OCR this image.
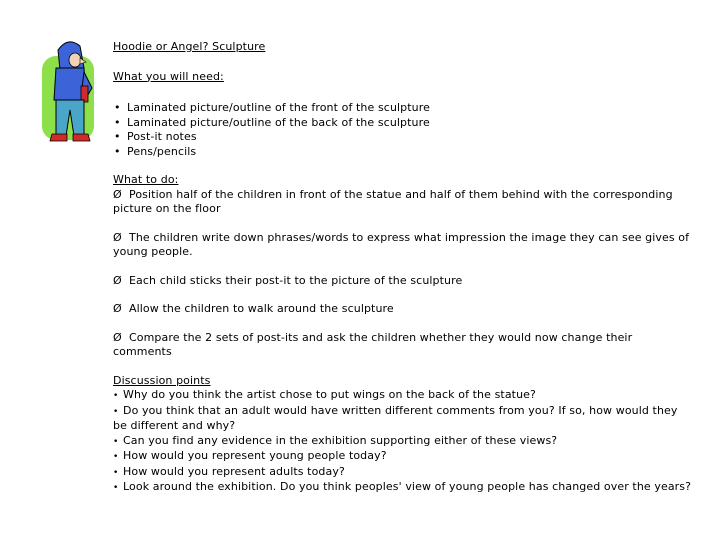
Hoodie or Angel? Sculpture
What you will need:
• Laminated picture/outline of the front of the sculpture
• Laminated picture/outline of the back of the sculpture
• Post-it notes
• Pens/pencils
What to do:
Ø Position half of the children in front of the statue and half of them behind with the corresponding picture on the floor
Ø The children write down phrases/words to express what impression the image they can see gives of young people.
Ø Each child sticks their post-it to the picture of the sculpture
Ø Allow the children to walk around the sculpture
Ø Compare the 2 sets of post-its and ask the children whether they would now change their comments
Discussion points
• Why do you think the artist chose to put wings on the back of the statue?
• Do you think that an adult would have written different comments from you? If so, how would they be different and why?
• Can you find any evidence in the exhibition supporting either of these views?
• How would you represent young people today?
• How would you represent adults today?
• Look around the exhibition. Do you think peoples' view of young people has changed over the years?
